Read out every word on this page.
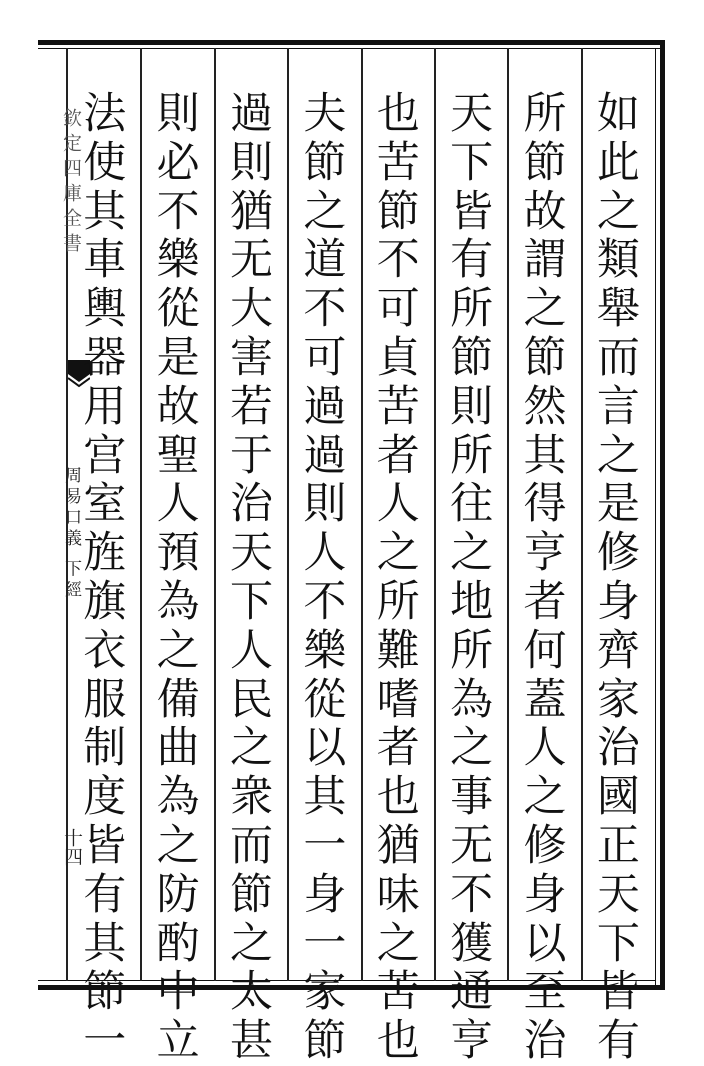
欽定四庫全書
周易口義 下經
十四
如
此
之
類
舉
而
言
之
是
修
身
齊
家
治
國
正
天
下
皆
有
所
節
故
謂
之
節
然
其
得
亨
者
何
蓋
人
之
修
身
以
至
治
天
下
皆
有
所
節
則
所
往
之
地
所
為
之
事
无
不
獲
通
亨
也
苦
節
不
可
貞
苦
者
人
之
所
難
嗜
者
也
猶
味
之
苦
也
夫
節
之
道
不
可
過
過
則
人
不
樂
從
以
其
一
身
一
家
節
過
則
猶
无
大
害
若
于
治
天
下
人
民
之
衆
而
節
之
太
甚
則
必
不
樂
從
是
故
聖
人
預
為
之
備
曲
為
之
防
酌
中
立
法
使
其
車
輿
器
用
宫
室
旌
旗
衣
服
制
度
皆
有
其
節
一
